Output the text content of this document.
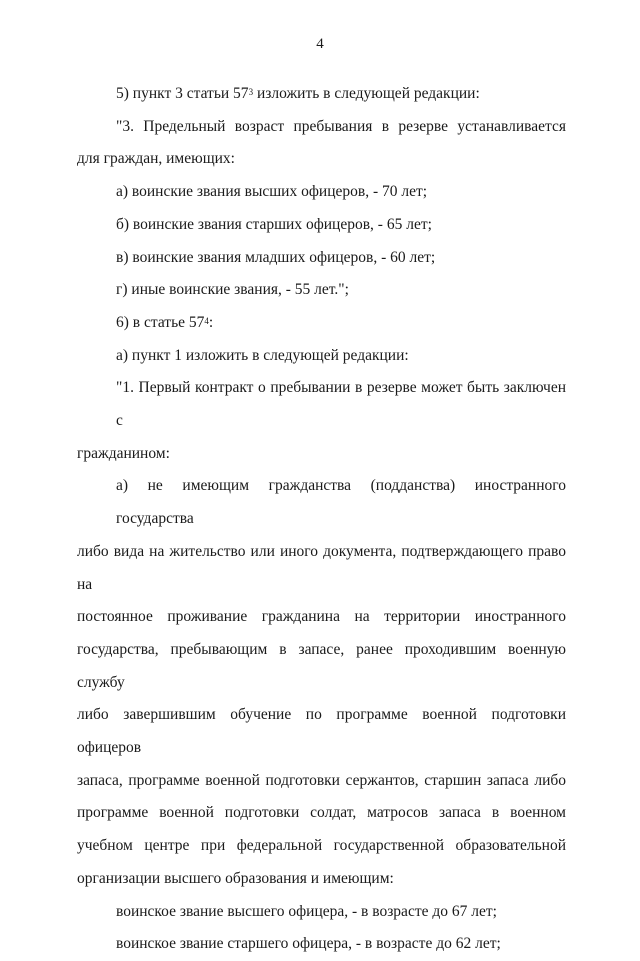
4
5) пункт 3 статьи $57^3$ изложить в следующей редакции:
"3. Предельный возраст пребывания в резерве устанавливается
для граждан, имеющих:
а) воинские звания высших офицеров, - 70 лет;
б) воинские звания старших офицеров, - 65 лет;
в) воинские звания младших офицеров, - 60 лет;
г) иные воинские звания, - 55 лет.";
6) в статье $57^4$:
а) пункт 1 изложить в следующей редакции:
"1. Первый контракт о пребывании в резерве может быть заключен с
гражданином:
а) не имеющим гражданства (подданства) иностранного государства
либо вида на жительство или иного документа, подтверждающего право на
постоянное проживание гражданина на территории иностранного
государства, пребывающим в запасе, ранее проходившим военную службу
либо завершившим обучение по программе военной подготовки офицеров
запаса, программе военной подготовки сержантов, старшин запаса либо
программе военной подготовки солдат, матросов запаса в военном
учебном центре при федеральной государственной образовательной
организации высшего образования и имеющим:
воинское звание высшего офицера, - в возрасте до 67 лет;
воинское звание старшего офицера, - в возрасте до 62 лет;
